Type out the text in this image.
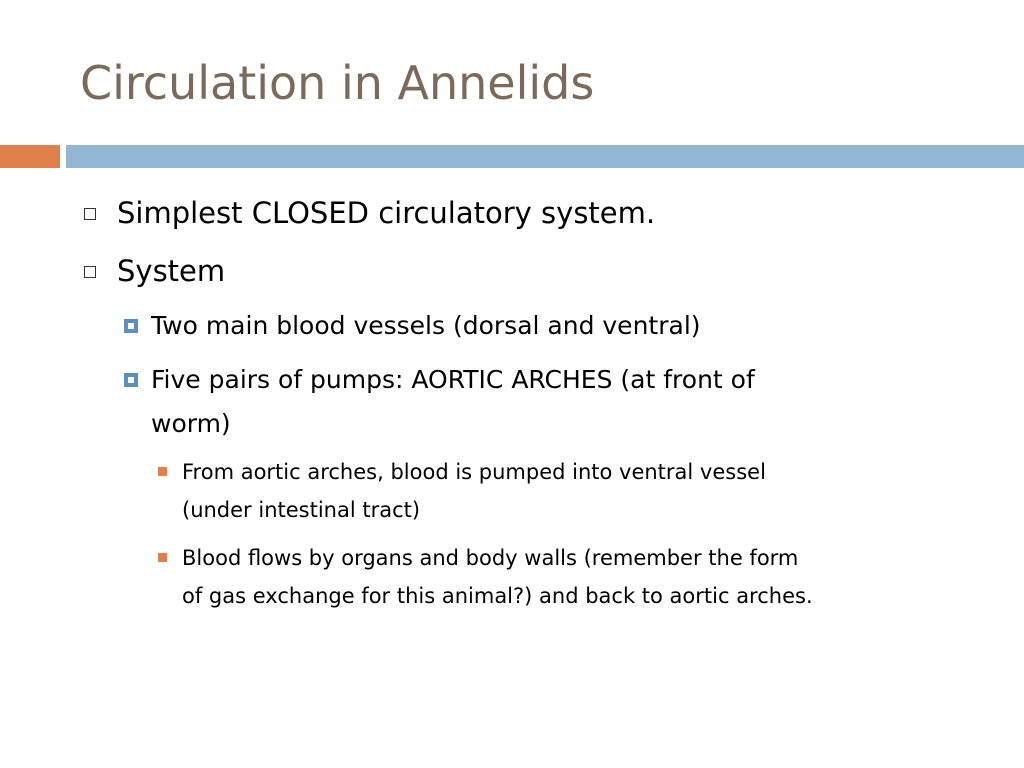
Circulation in Annelids
Simplest CLOSED circulatory system.
System
Two main blood vessels (dorsal and ventral)
Five pairs of pumps: AORTIC ARCHES (at front of
worm)
From aortic arches, blood is pumped into ventral vessel
(under intestinal tract)
Blood flows by organs and body walls (remember the form
of gas exchange for this animal?) and back to aortic arches.
